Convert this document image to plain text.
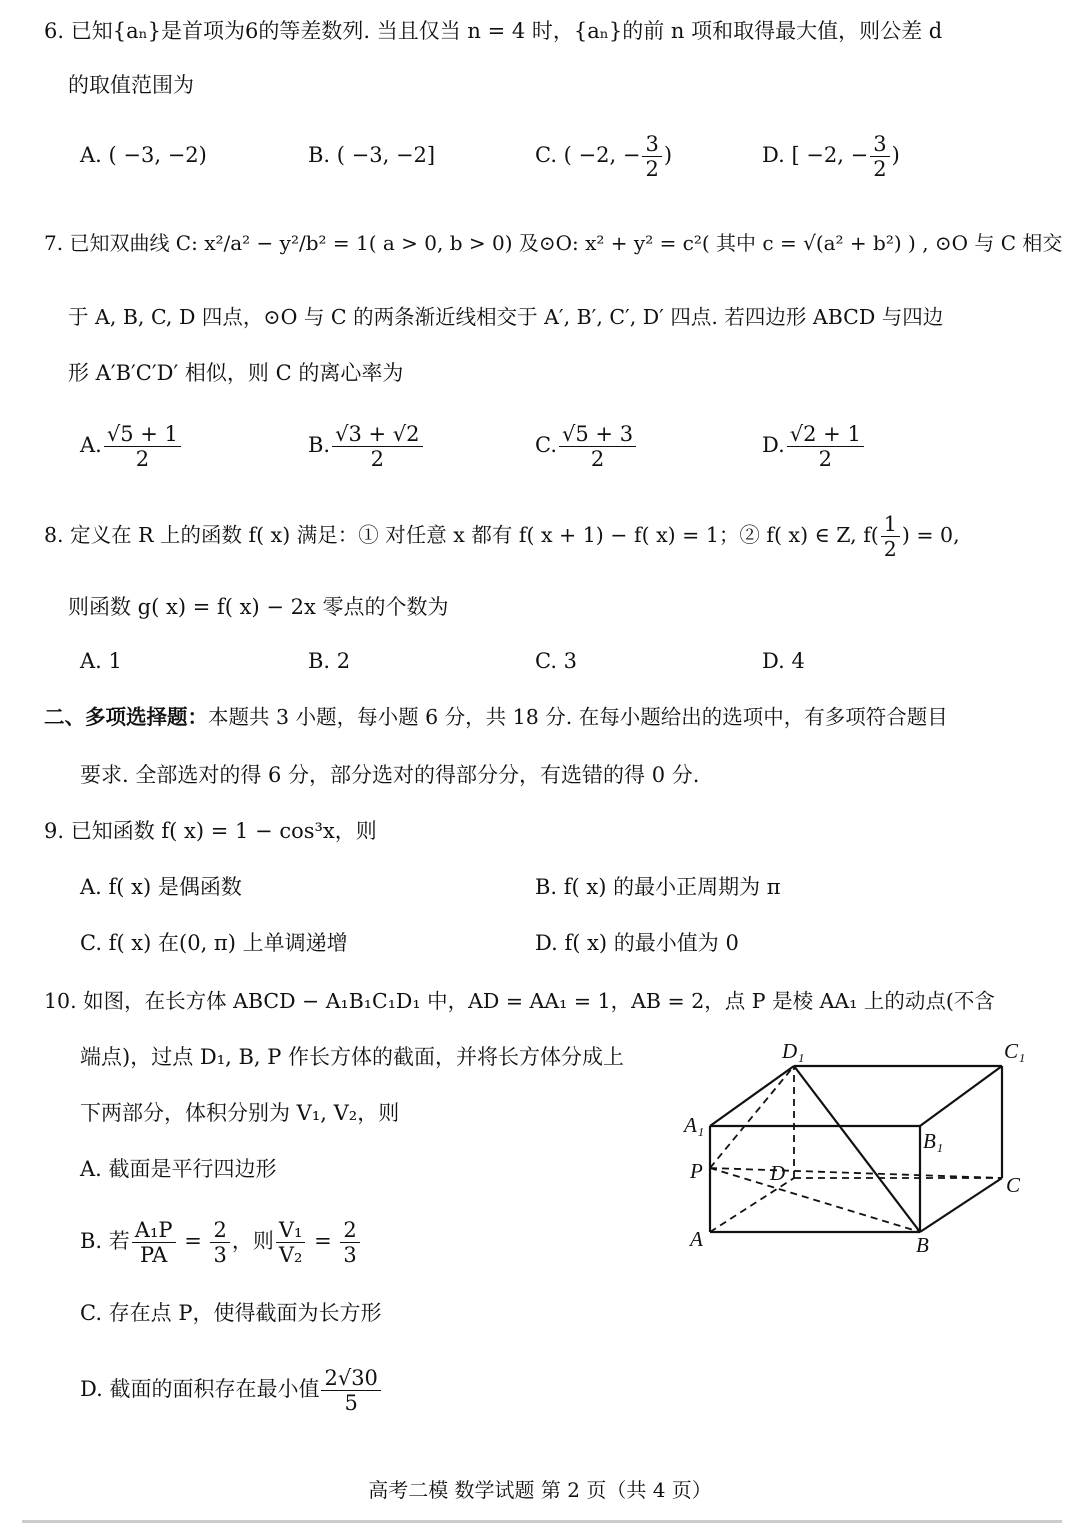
6. 已知{aₙ}是首项为6的等差数列. 当且仅当 n = 4 时，{aₙ}的前 n 项和取得最大值，则公差 d
的取值范围为
A. ( −3, −2)	B. ( −3, −2]	C. ( −2, − $\frac{3}{2}$ )	D. [ −2, − $\frac{3}{2}$ )
7. 已知双曲线 C: x²/a² − y²/b² = 1( a > 0, b > 0) 及⊙O: x² + y² = c²( 其中 c = √(a² + b²) ) , ⊙O 与 C 相交
于 A, B, C, D 四点，⊙O 与 C 的两条渐近线相交于 A′, B′, C′, D′ 四点. 若四边形 ABCD 与四边
形 A′B′C′D′ 相似，则 C 的离心率为
A. $\frac{√5 + 1}{2}$	B. $\frac{√3 + √2}{2}$	C. $\frac{√5 + 3}{2}$	D. $\frac{√2 + 1}{2}$
8. 定义在 R 上的函数 f( x) 满足：① 对任意 x 都有 f( x + 1) − f( x) = 1；② f( x) ∈ Z, $f( \frac{1}{2}$ ) = 0,
则函数 g( x) = f( x) − 2x 零点的个数为
A. 1	B. 2	C. 3	D. 4
二、多项选择题：本题共 3 小题，每小题 6 分，共 18 分. 在每小题给出的选项中，有多项符合题目
要求. 全部选对的得 6 分，部分选对的得部分分，有选错的得 0 分.
9. 已知函数 f( x) = 1 − cos³x，则
A. f( x) 是偶函数	B. f( x) 的最小正周期为 π
C. f( x) 在(0, π) 上单调递增	D. f( x) 的最小值为 0
10. 如图，在长方体 ABCD − A₁B₁C₁D₁ 中，AD = AA₁ = 1，AB = 2，点 P 是棱 AA₁ 上的动点(不含
端点)，过点 D₁, B, P 作长方体的截面，并将长方体分成上
下两部分，体积分别为 V₁, V₂，则
A. 截面是平行四边形
B. 若 $\frac{\text{A₁P}}{PA} = \frac{2}{3}$ ，则 $\frac{\text{V₁}}{\text{V₂}} = \frac{2}{3}$
C. 存在点 P，使得截面为长方形
D. 截面的面积存在最小值 $\frac{2√30}{5}$
D₁	C₁
A₁
B₁
P	D	C
A	B
高考二模 数学试题 第 2 页（共 4 页）
